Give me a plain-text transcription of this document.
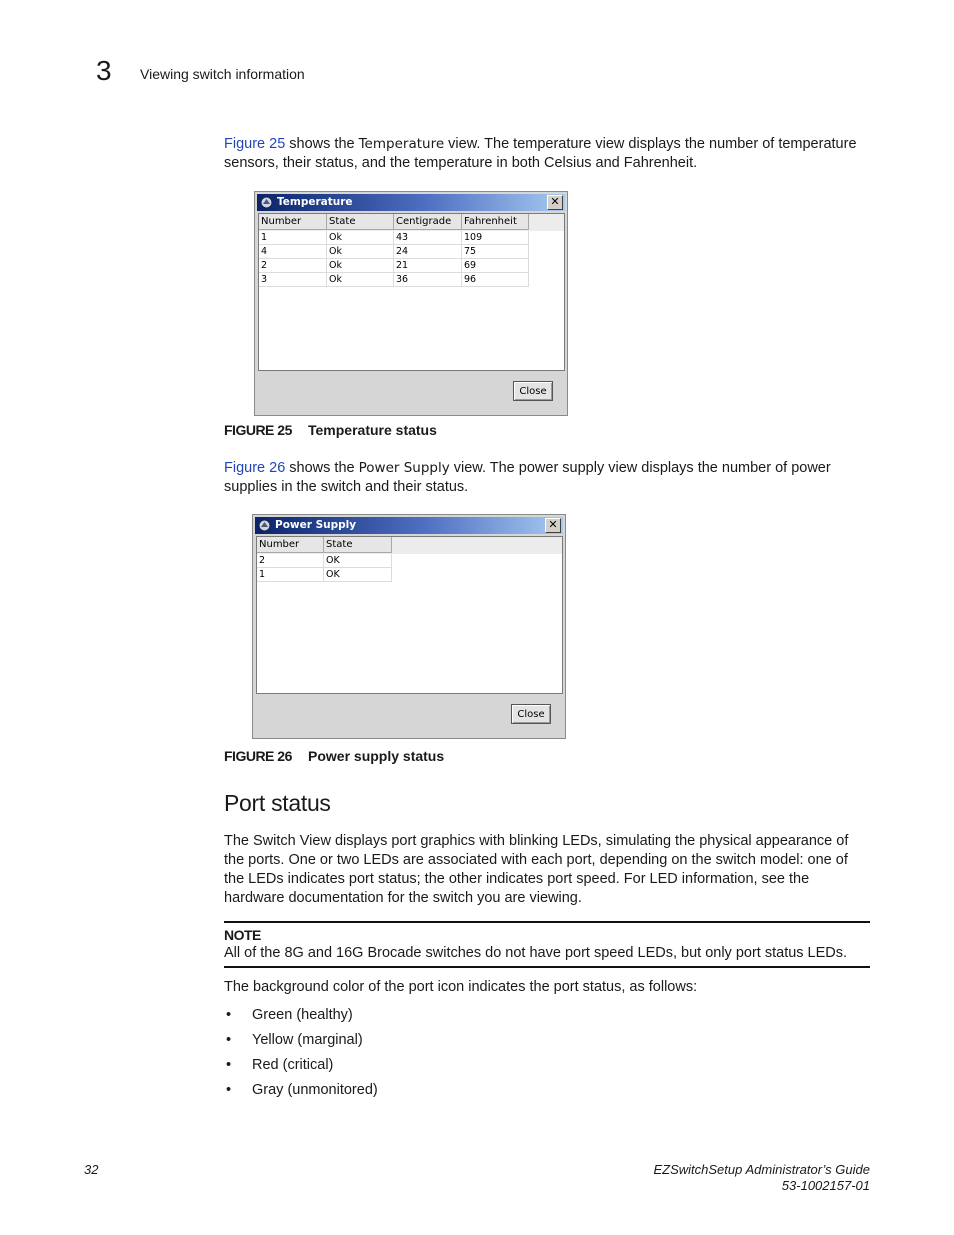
3 Viewing switch information
Figure 25 shows the Temperature view. The temperature view displays the number of temperature sensors, their status, and the temperature in both Celsius and Fahrenheit.
Temperature	✕
Number	State	Centigrade	Fahrenheit
1	Ok	43	109
4	Ok	24	75
2	Ok	21	69
3	Ok	36	96
Close
FIGURE 25 Temperature status
Figure 26 shows the Power Supply view. The power supply view displays the number of power supplies in the switch and their status.
Power Supply	✕
Number	State
2	OK
1	OK
Close
FIGURE 26 Power supply status
Port status
The Switch View displays port graphics with blinking LEDs, simulating the physical appearance of the ports. One or two LEDs are associated with each port, depending on the switch model: one of the LEDs indicates port status; the other indicates port speed. For LED information, see the hardware documentation for the switch you are viewing.
NOTE
All of the 8G and 16G Brocade switches do not have port speed LEDs, but only port status LEDs.
The background color of the port icon indicates the port status, as follows:
• Green (healthy)
• Yellow (marginal)
• Red (critical)
• Gray (unmonitored)
32	EZSwitchSetup Administrator’s Guide
53-1002157-01
